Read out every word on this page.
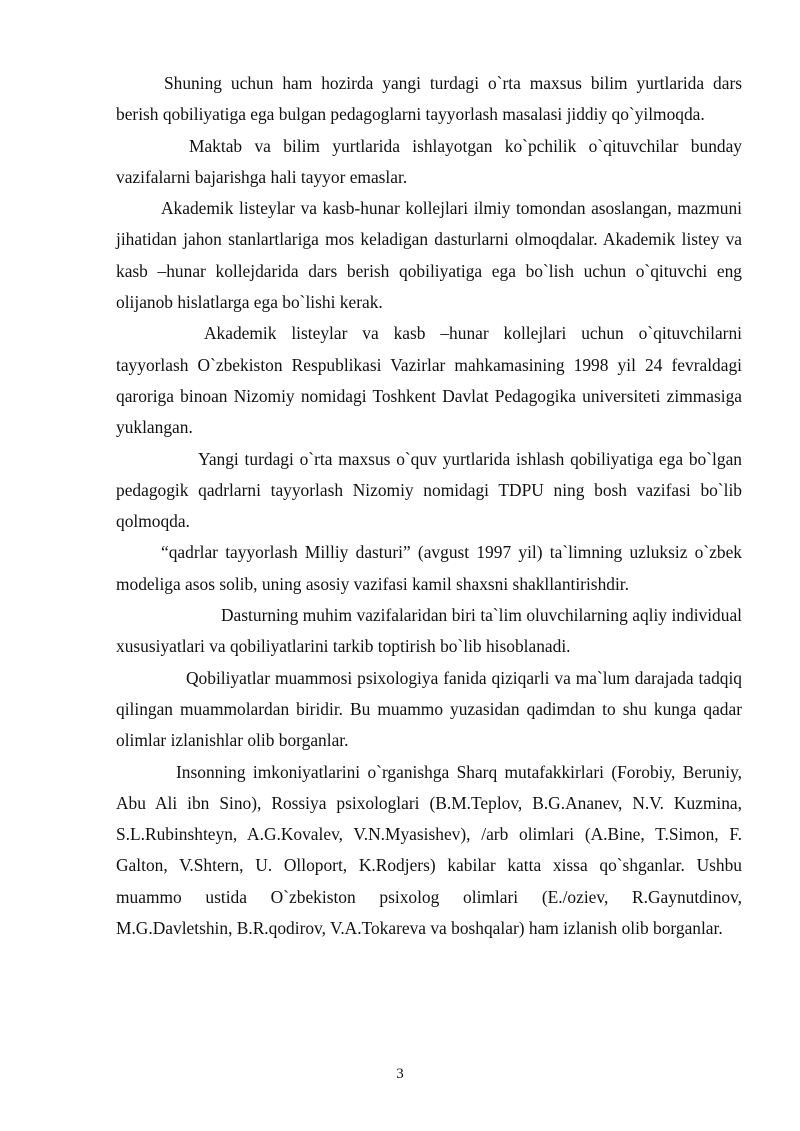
Shuning uchun ham hozirda yangi turdagi o`rta maxsus bilim yurtlarida dars berish qobiliyatiga ega bulgan pedagoglarni tayyorlash masalasi jiddiy qo`yilmoqda.

Maktab va bilim yurtlarida ishlayotgan ko`pchilik o`qituvchilar bunday vazifalarni bajarishga hali tayyor emaslar.

Akademik listeylar va kasb-hunar kollejlari ilmiy tomondan asoslangan, mazmuni jihatidan jahon stanlartlariga mos keladigan dasturlarni olmoqdalar. Akademik listey va kasb –hunar kollejdarida dars berish qobiliyatiga ega bo`lish uchun o`qituvchi eng olijanob hislatlarga ega bo`lishi kerak.

Akademik listeylar va kasb –hunar kollejlari uchun o`qituvchilarni tayyorlash O`zbekiston Respublikasi Vazirlar mahkamasining 1998 yil 24 fevraldagi qaroriga binoan Nizomiy nomidagi Toshkent Davlat Pedagogika universiteti zimmasiga yuklangan.

Yangi turdagi o`rta maxsus o`quv yurtlarida ishlash qobiliyatiga ega bo`lgan pedagogik qadrlarni tayyorlash Nizomiy nomidagi TDPU ning bosh vazifasi bo`lib qolmoqda.

“qadrlar tayyorlash Milliy dasturi” (avgust 1997 yil) ta`limning uzluksiz o`zbek modeliga asos solib, uning asosiy vazifasi kamil shaxsni shakllantirishdir.

Dasturning muhim vazifalaridan biri ta`lim oluvchilarning aqliy individual xususiyatlari va qobiliyatlarini tarkib toptirish bo`lib hisoblanadi.

Qobiliyatlar muammosi psixologiya fanida qiziqarli va ma`lum darajada tadqiq qilingan muammolardan biridir. Bu muammo yuzasidan qadimdan to shu kunga qadar olimlar izlanishlar olib borganlar.

Insonning imkoniyatlarini o`rganishga Sharq mutafakkirlari (Forobiy, Beruniy, Abu Ali ibn Sino), Rossiya psixologlari (B.M.Teplov, B.G.Ananev, N.V. Kuzmina, S.L.Rubinshteyn, A.G.Kovalev, V.N.Myasishev), /arb olimlari (A.Bine, T.Simon, F. Galton, V.Shtern, U. Olloport, K.Rodjers) kabilar katta xissa qo`shganlar. Ushbu muammo ustida O`zbekiston psixolog olimlari (E./oziev, R.Gaynutdinov, M.G.Davletshin, B.R.qodirov, V.A.Tokareva va boshqalar) ham izlanish olib borganlar.

3
